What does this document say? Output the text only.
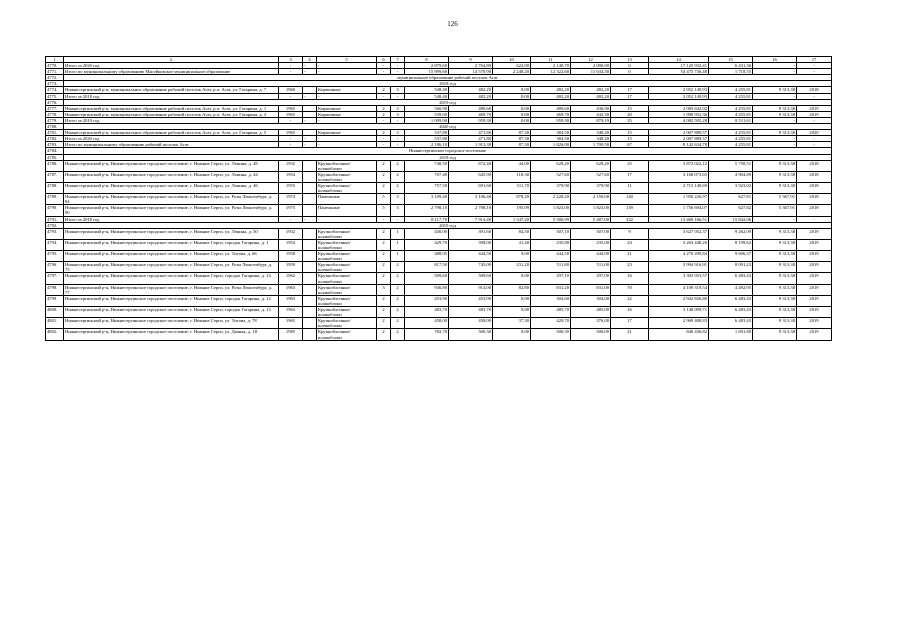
126
1	2	3	4	5	6	7	8	9	10	11	12	13	14	15	16	17
4770.	Итого за 2020 год	-	-	-	-	-	2 879,60	2 764,80	622,90	2 140,70	2 096,90	0	17 125 932,41	6 431,36	-	-
4771.	Итого по муниципальному образованию Мясейковское муниципальное образование	-	-	-	-	-	15 999,60	14 570,90	2 248,20	12 322,60	11 634,30	0	54 475 736,48	1 718,55	-	-
4772.	муниципальное образование рабочий поселок Агат															
4773.	2018 год															
4774.	Нижнесергинский р-н, муниципальное образование рабочий поселок Агат, р.п. Агат, ул. Гагарина, д. 7	1960		Кирпичные	2	3	548,40	482,20	0,00	482,20	482,20	17	2 052 149,93	4 255,81	9 313,38	2018
4775.	Итого за 2018 год	-	-	-	-	-	548,40	482,20	0,00	482,20	482,20	17	2 052 149,93	4 255,81	-	-
4776.	2019 год															
4777.	Нижнесергинский р-н, муниципальное образование рабочий поселок Агат, р.п. Агат, ул. Гагарина, д. 1	1965		Кирпичные	2	3	560,90	489,60	0,00	489,60	436,90	15	2 083 642,92	4 255,81	9 313,38	2019
4778.	Нижнесергинский р-н, муниципальное образование рабочий поселок Агат, р.п. Агат, ул. Гагарина, д. 3	1965		Кирпичные	2	3	539,00	469,70	0,00	469,70	442,30	20	1 998 952,36	4 255,81	9 313,38	2019
4779.	Итого за 2019 год	-	-	-	-	-	1 099,90	959,30	0,00	959,30	879,19	35	4 082 595,28	8 511,61	-	-
4780.	2020 год															
4781.	Нижнесергинский р-н, муниципальное образование рабочий поселок Агат, р.п. Агат, ул. Гагарина, д. 5	1965		Кирпичные	2	3	537,80	471,80	87,30	384,50	348,20	15	2 007 889,57	4 255,81	9 313,38	2020
4782.	Итого за 2020 год	-	-	-	-	-	537,80	471,80	87,30	384,50	348,20	15	2 007 889,57	4 255,81	-	-
4783.	Итого по муниципальному образованию рабочий поселок Агат	-	-	-	-	-	2 186,10	1 913,30	87,30	1 826,00	1 709,50	67	8 142 634,78	4 255,81	-	-
4784.	Нижнесергинское городское поселение															
4785.	2018 год															
4786.	Нижнесергинский р-н, Нижнесергинское городское поселение, г. Нижние Серги, ул. Ленина, д. 48	1932		Крупноблочные/ шлакоблоки	2	2	748,50	672,40	44,00	628,20	628,20	25	3 872 022,12	5 758,51	9 313,38	2018
4787.	Нижнесергинский р-н, Нижнесергинское городское поселение, г. Нижние Серги, ул. Ленина, д. 44	1954		Крупноблочные/ шлакоблоки	2	2	707,40	645,90	118,30	527,60	527,60	17	3 168 073,65	4 904,89	9 313,38	2018
4788.	Нижнесергинский р-н, Нижнесергинское городское поселение, г. Нижние Серги, ул. Ленина, д. 46	1955		Крупноблочные/ шлакоблоки	2	2	757,50	691,60	311,70	379,90	379,90	11	2 715 149,69	3 923,02	9 313,38	2018
4789.	Нижнесергинский р-н, Нижнесергинское городское поселение, г. Нижние Серги, ул. Розы Люксембург, д. 84	1974		Панельные	5	3	3 109,40	3 106,40	878,20	2 228,20	2 150,00	140	1 950 226,97	627,81	5 367,91	2018
4790.	Нижнесергинский р-н, Нижнесергинское городское поселение, г. Нижние Серги, ул. Розы Люксембург, д. 90	1975		Панельные	5	3	2 798,10	2 798,10	195,09	1 823,00	1 823,00	139	1 756 694,07	627,82	5 367,91	2018
4791.	Итого за 2018 год	-	-	-	-	-	8 117,70	7 914,40	1 547,20	5 586,99	5 487,00	332	13 460 166,51	15 842,06	-	-
4792.	2019 год															
4793.	Нижнесергинский р-н, Нижнесергинское городское поселение, г. Нижние Серги, ул. Ленина, д. 50	1932		Крупноблочные/ шлакоблоки	2	1	430,00	391,60	84,50	307,10	307,00	9	3 627 052,37	9 262,09	9 313,38	2019
4794.	Нижнесергинский р-н, Нижнесергинское городское поселение, г. Нижние Серги, городок Гагарина, д. 1	1954		Крупноблочные/ шлакоблоки	2	1	429,70	398,00	41,40	235,80	235,00	24	3 263 448,26	8 199,62	9 313,38	2019
4795.	Нижнесергинский р-н, Нижнесергинское городское поселение, г. Нижние Серги, ул. Титова, д. 66	1958		Крупноблочные/ шлакоблоки	2	1	488,95	444,50	9,00	444,50	444,90	21	4 270 299,84	9 606,37	9 313,38	2019
4796.	Нижнесергинский р-н, Нижнесергинское городское поселение, г. Нижние Серги, ул. Розы Люксембург, д. 75	1959		Крупноблочные/ шлакоблоки	2	2	817,50	745,00	231,20	511,80	511,00	23	3 994 916,91	8 091,23	9 313,38	2019
4797.	Нижнесергинский р-н, Нижнесергинское городское поселение, г. Нижние Серги, городок Гагарина, д. 14	1962		Крупноблочные/ шлакоблоки	2	2	509,60	509,60	0,00	297,10	297,00	16	3 303 953,57	6 483,43	9 313,38	2019
4798.	Нижнесергинский р-н, Нижнесергинское городское поселение, г. Нижние Серги, ул. Розы Люксембург, д. 77	1963		Крупноблочные/ шлакоблоки	3	2	936,80	914,00	82,80	831,20	831,00	70	4 109 319,54	4 492,95	9 313,38	2019
4799.	Нижнесергинский р-н, Нижнесергинское городское поселение, г. Нижние Серги, городок Гагарина, д. 12	1963		Крупноблочные/ шлакоблоки	2	2	453,90	453,90	0,00	304,60	304,00	22	2 942 826,80	6 483,43	9 313,38	2019
4800.	Нижнесергинский р-н, Нижнесергинское городское поселение, г. Нижние Серги, городок Гагарина, д. 13	1963		Крупноблочные/ шлакоблоки	2	2	483,70	483,70	0,00	485,70	485,00	16	3 148 099,71	6 483,43	9 313,38	2019
4801.	Нижнесергинский р-н, Нижнесергинское городское поселение, г. Нижние Серги, ул. Титова, д. 78	1965		Крупноблочные/ шлакоблоки	2	2	458,00	458,00	37,30	420,70	376,00	17	2 969 408,83	6 483,43	9 313,38	2019
4802.	Нижнесергинский р-н, Нижнесергинское городское поселение, г. Нижние Серги, ул. Дачная, д. 18	1985		Крупноблочные/ шлакоблоки	2	2	782,70	500,30	0,00	500,30	500,00	21	846 436,82	1 691,80	9 313,38	2019
